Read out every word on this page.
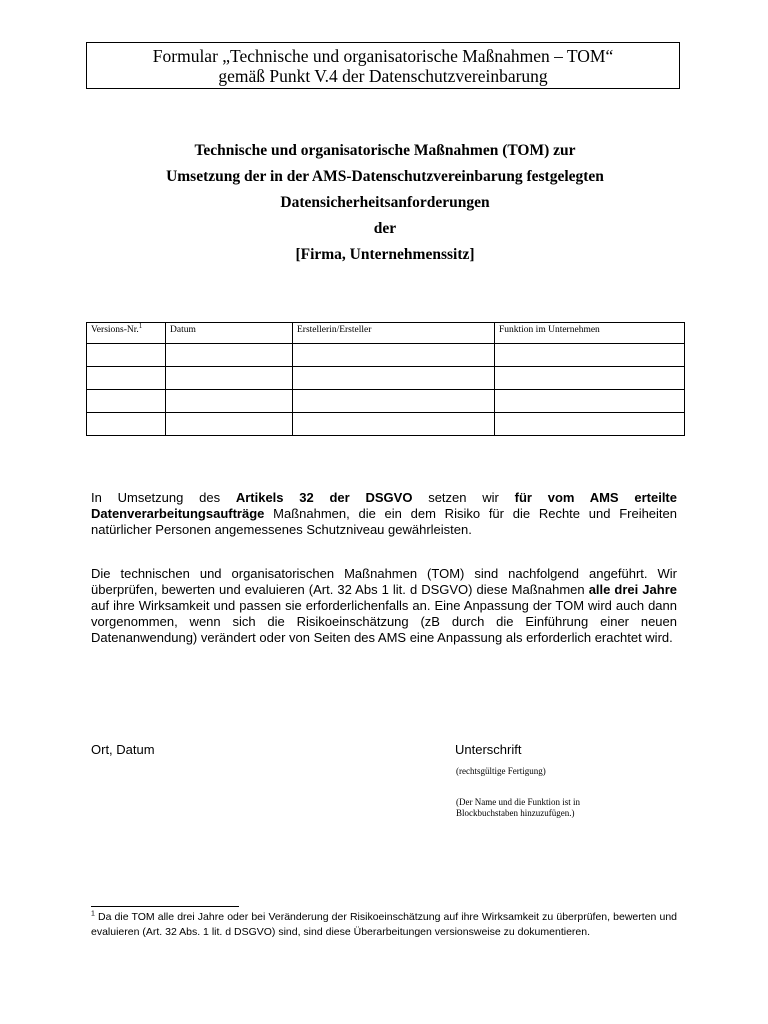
Formular „Technische und organisatorische Maßnahmen – TOM“
gemäß Punkt V.4 der Datenschutzvereinbarung
Technische und organisatorische Maßnahmen (TOM) zur
Umsetzung der in der AMS-Datenschutzvereinbarung festgelegten
Datensicherheitsanforderungen
der
[Firma, Unternehmenssitz]
Versions-Nr.$^1$	Datum	Erstellerin/Ersteller	Funktion im Unternehmen

In Umsetzung des Artikels 32 der DSGVO setzen wir für vom AMS erteilte Datenverarbeitungsaufträge Maßnahmen, die ein dem Risiko für die Rechte und Freiheiten natürlicher Personen angemessenes Schutzniveau gewährleisten.
Die technischen und organisatorischen Maßnahmen (TOM) sind nachfolgend angeführt. Wir überprüfen, bewerten und evaluieren (Art. 32 Abs 1 lit. d DSGVO) diese Maßnahmen alle drei Jahre auf ihre Wirksamkeit und passen sie erforderlichenfalls an. Eine Anpassung der TOM wird auch dann vorgenommen, wenn sich die Risikoeinschätzung (zB durch die Einführung einer neuen Datenanwendung) verändert oder von Seiten des AMS eine Anpassung als erforderlich erachtet wird.
Ort, Datum	Unterschrift
(rechtsgültige Fertigung)
(Der Name und die Funktion ist in Blockbuchstaben hinzuzufügen.)
$^1$ Da die TOM alle drei Jahre oder bei Veränderung der Risikoeinschätzung auf ihre Wirksamkeit zu überprüfen, bewerten und evaluieren (Art. 32 Abs. 1 lit. d DSGVO) sind, sind diese Überarbeitungen versionsweise zu dokumentieren.
